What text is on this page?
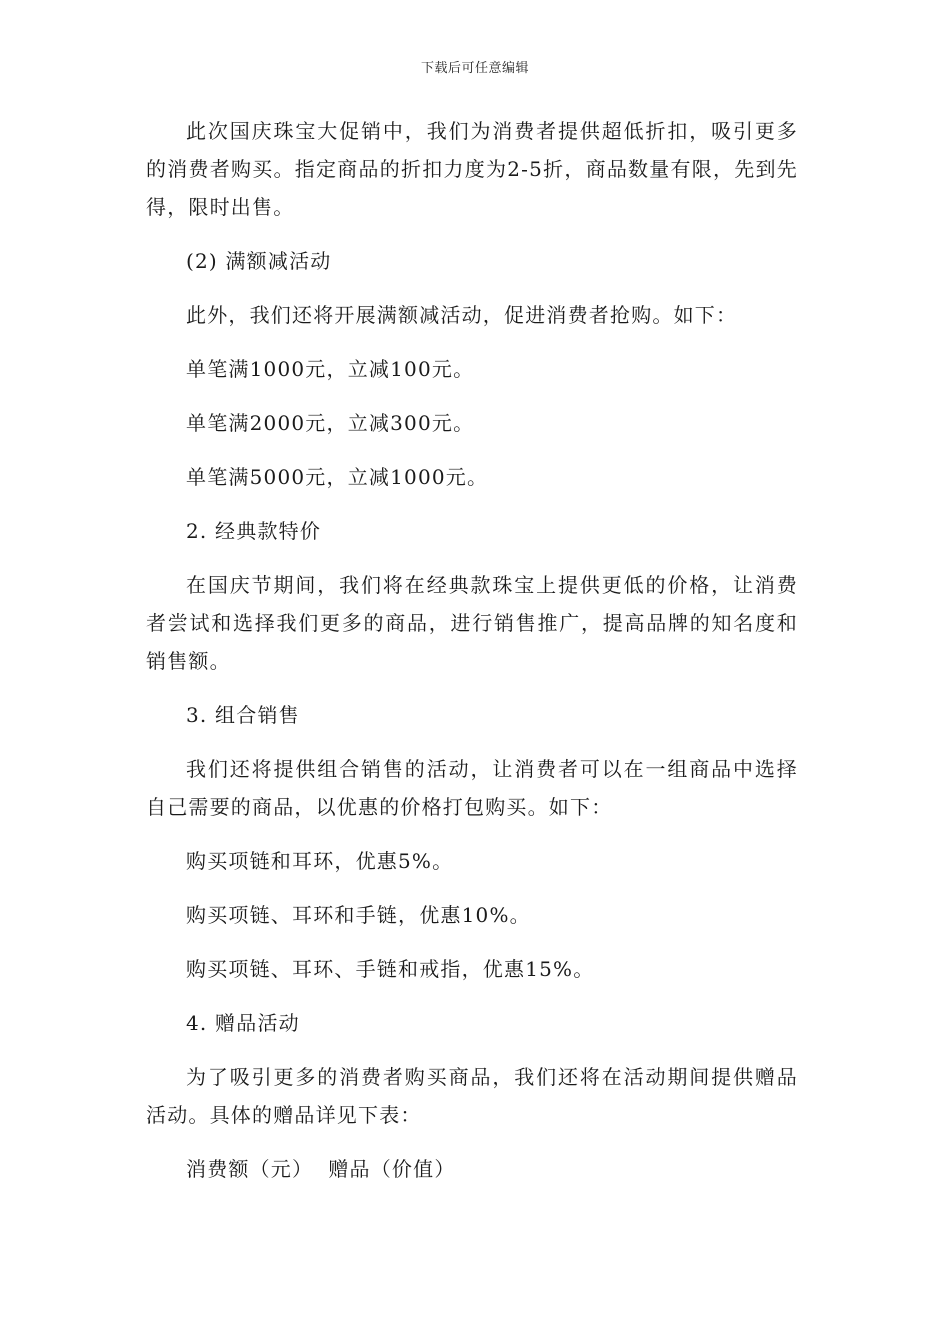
下载后可任意编辑

此次国庆珠宝大促销中，我们为消费者提供超低折扣，吸引更多的消费者购买。指定商品的折扣力度为2-5折，商品数量有限，先到先得，限时出售。

(2) 满额减活动

此外，我们还将开展满额减活动，促进消费者抢购。如下：

单笔满1000元，立减100元。

单笔满2000元，立减300元。

单笔满5000元，立减1000元。

2. 经典款特价

在国庆节期间，我们将在经典款珠宝上提供更低的价格，让消费者尝试和选择我们更多的商品，进行销售推广，提高品牌的知名度和销售额。

3. 组合销售

我们还将提供组合销售的活动，让消费者可以在一组商品中选择自己需要的商品，以优惠的价格打包购买。如下：

购买项链和耳环，优惠5%。

购买项链、耳环和手链，优惠10%。

购买项链、耳环、手链和戒指，优惠15%。

4. 赠品活动

为了吸引更多的消费者购买商品，我们还将在活动期间提供赠品活动。具体的赠品详见下表：

消费额（元）  赠品（价值）
